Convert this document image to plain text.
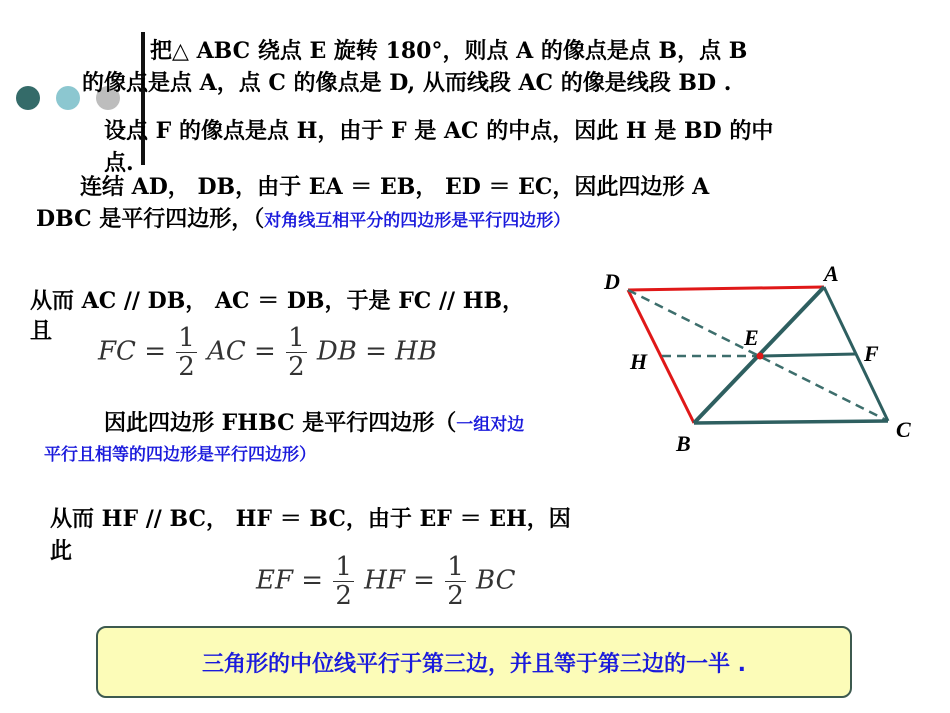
把△ ABC 绕点 E 旋转 180°，则点 A 的像点是点 B，点 B
的像点是点 A，点 C 的像点是 D, 从而线段 AC 的像是线段 BD .
设点 F 的像点是点 H，由于 F 是 AC 的中点，因此 H 是 BD 的中
点.
连结 AD， DB，由于 EA ＝ EB， ED ＝ EC，因此四边形 A
DBC 是平行四边形，（对角线互相平分的四边形是平行四边形）
从而 AC // DB， AC ＝ DB，于是 FC // HB，
且
FC = $\frac{1}{2}$ AC = $\frac{1}{2}$ DB = HB
因此四边形 FHBC 是平行四边形（一组对边
平行且相等的四边形是平行四边形）
从而 HF // BC， HF ＝ BC，由于 EF ＝ EH，因
此
EF = $\frac{1}{2}$ HF = $\frac{1}{2}$ BC
D	A
E
F
H
B
C
三角形的中位线平行于第三边，并且等于第三边的一半 .
